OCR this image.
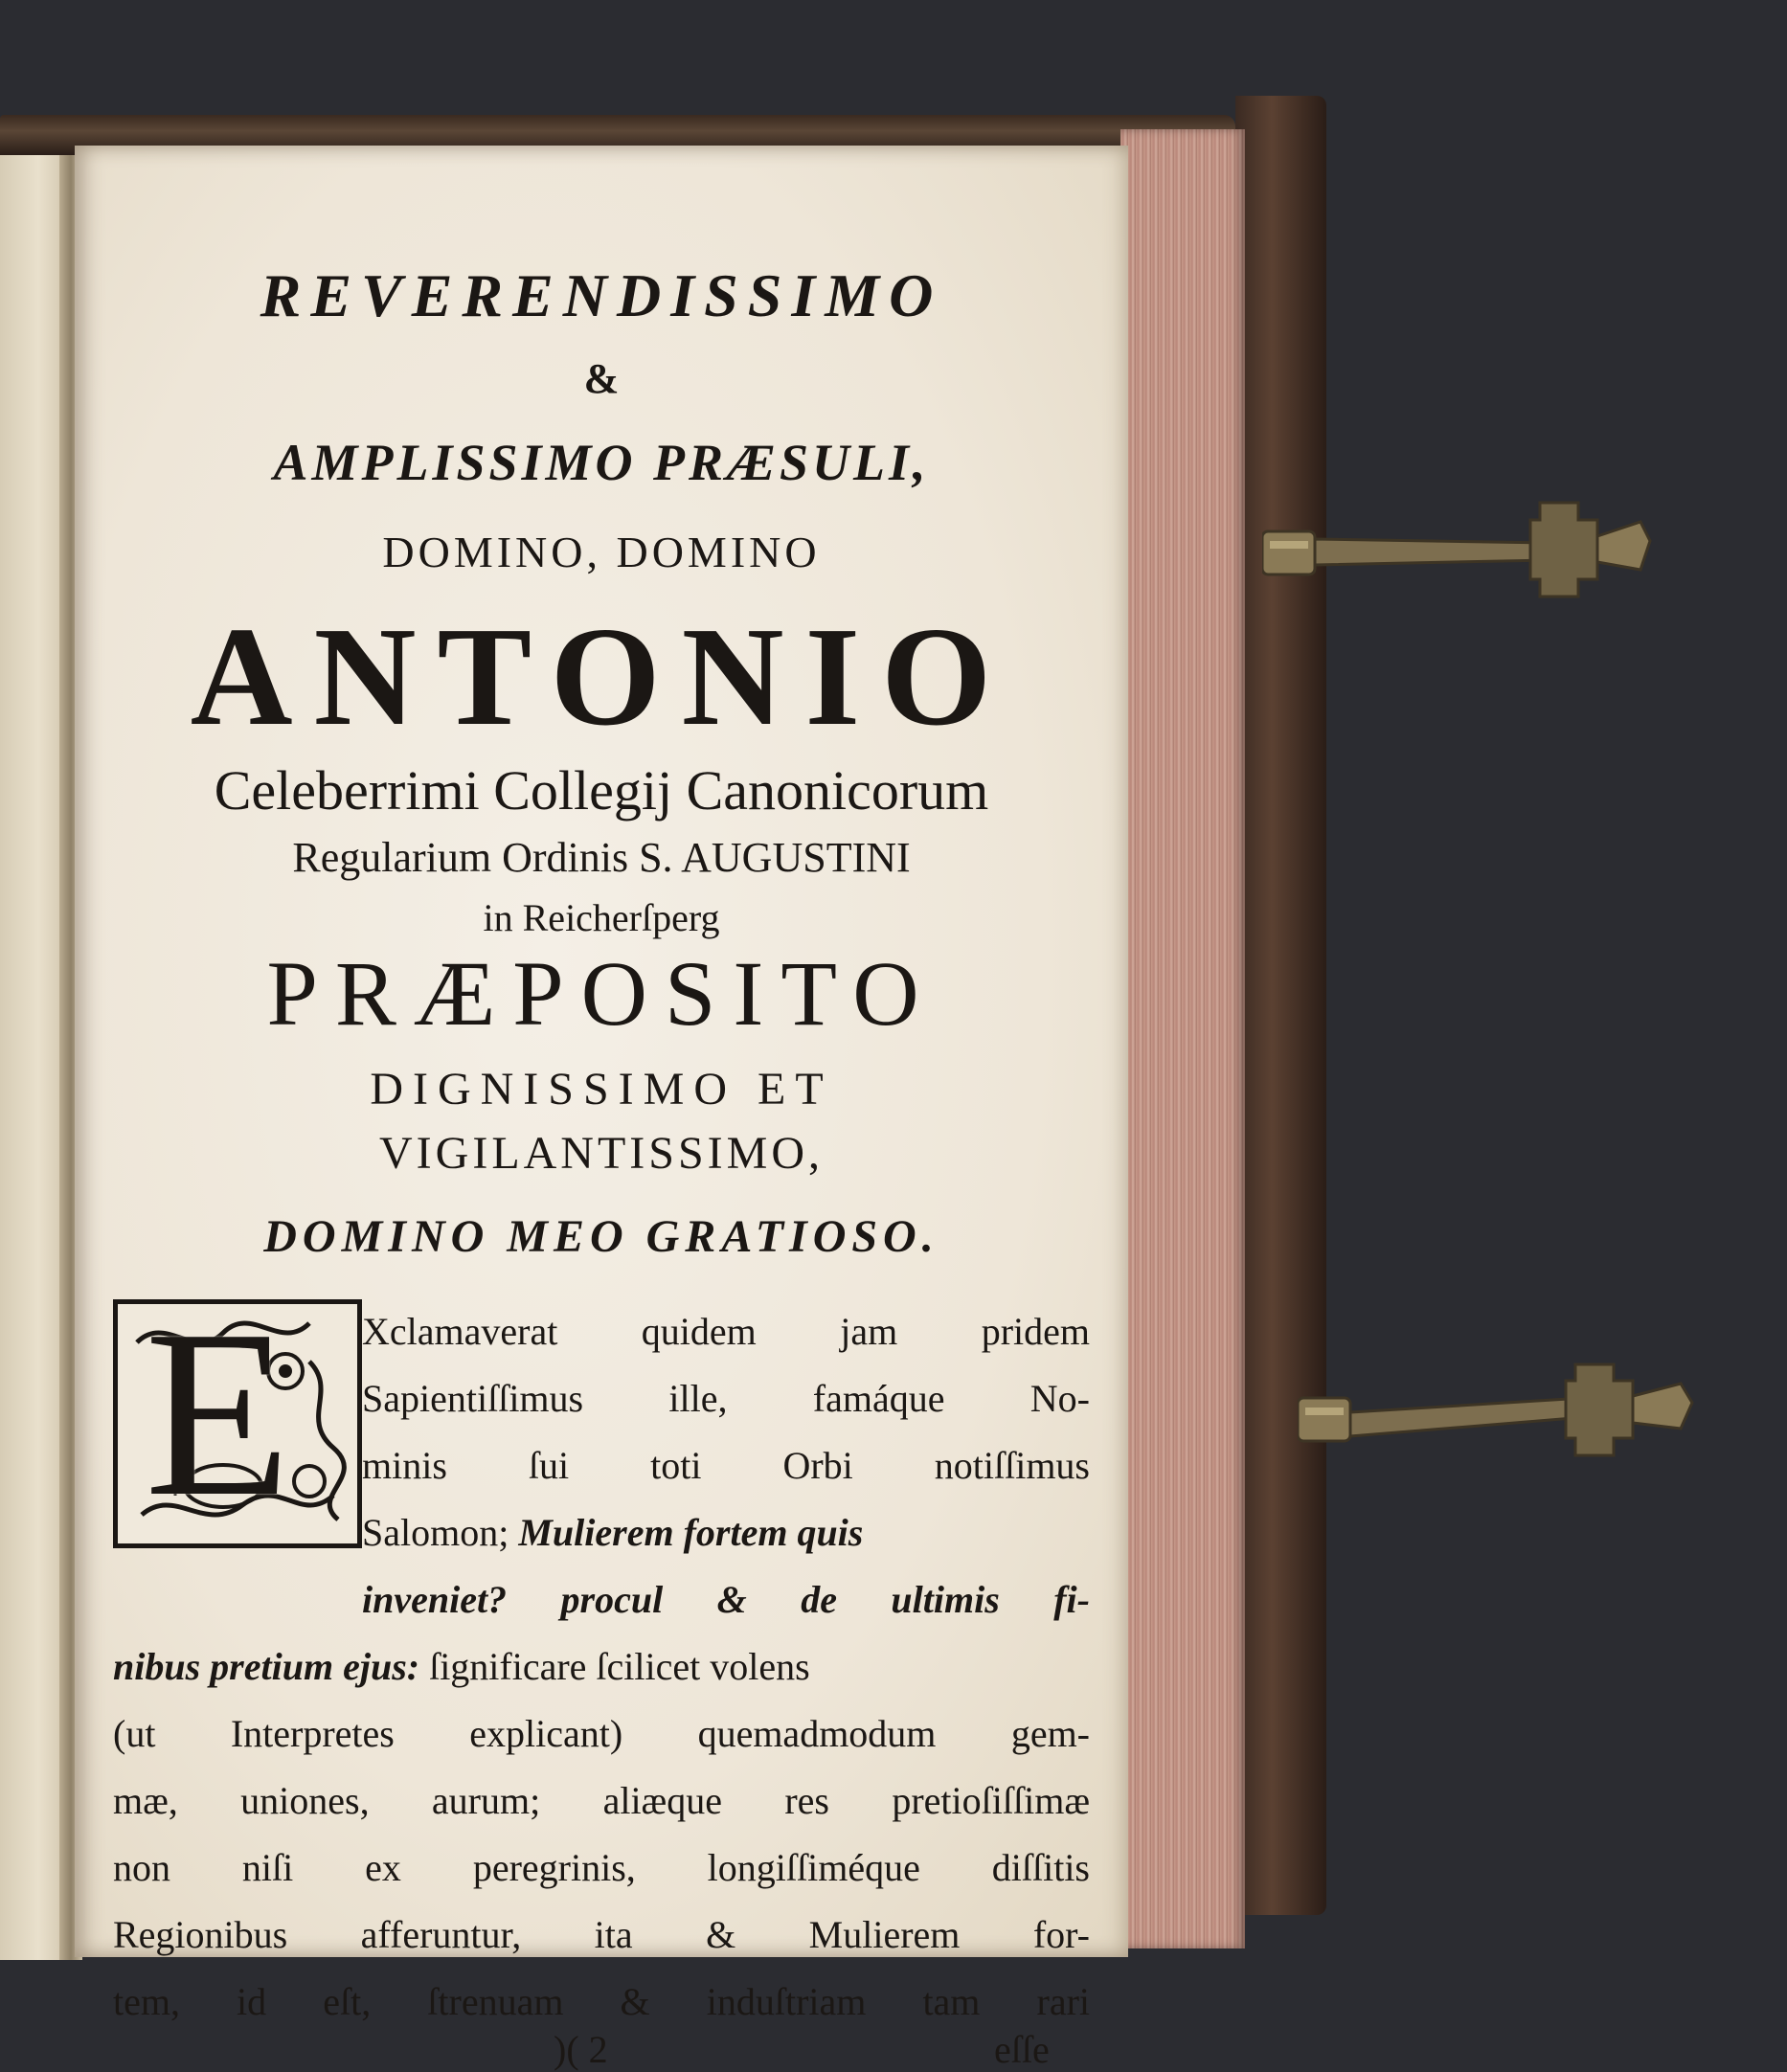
REVERENDISSIMO
&
AMPLISSIMO PRÆSULI,
DOMINO, DOMINO
ANTONIO
Celeberrimi Collegij Canonicorum
Regularium Ordinis S. AUGUSTINI
in Reicherſperg
PRÆPOSITO
DIGNISSIMO ET
VIGILANTISSIMO,
DOMINO MEO GRATIOSO.
E Xclamaverat quidem jam pridem
Sapientiſſimus ille, famáque No-
minis ſui toti Orbi notiſſimus
Salomon; Mulierem fortem quis
inveniet? procul & de ultimis fi-
nibus pretium ejus: ſignificare ſcilicet volens
(ut Interpretes explicant) quemadmodum gem-
mæ, uniones, aurum; aliæque res pretioſiſſimæ
non niſi ex peregrinis, longiſſiméque diſſitis
Regionibus afferuntur, ita & Mulierem for-
tem, id eſt, ſtrenuam & induſtriam tam rari
)( 2	eſſe
